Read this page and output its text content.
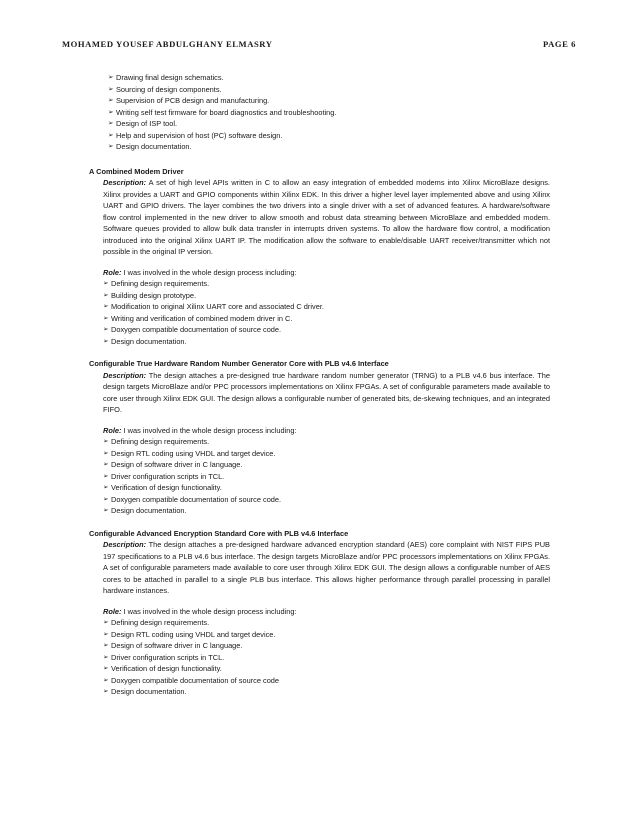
MOHAMED YOUSEF ABDULGHANY ELMASRY	PAGE 6
➢ Drawing final design schematics.
➢ Sourcing of design components.
➢ Supervision of PCB design and manufacturing.
➢ Writing self test firmware for board diagnostics and troubleshooting.
➢ Design of ISP tool.
➢ Help and supervision of host (PC) software design.
➢ Design documentation.
A Combined Modem Driver
Description: A set of high level APIs written in C to allow an easy integration of embedded modems into Xilinx MicroBlaze designs. Xilinx provides a UART and GPIO components within Xilinx EDK. In this driver a higher level layer implemented above and using Xilinx UART and GPIO drivers. The layer combines the two drivers into a single driver with a set of advanced features. A hardware/software flow control implemented in the new driver to allow smooth and robust data streaming between MicroBlaze and embedded modem. Software queues provided to allow bulk data transfer in interrupts driven systems. To allow the hardware flow control, a modification introduced into the original Xilinx UART IP. The modification allow the software to enable/disable UART receiver/transmitter which not possible in the original IP version.
Role: I was involved in the whole design process including:
➢ Defining design requirements.
➢ Building design prototype.
➢ Modification to original Xilinx UART core and associated C driver.
➢ Writing and verification of combined modem driver in C.
➢ Doxygen compatible documentation of source code.
➢ Design documentation.
Configurable True Hardware Random Number Generator Core with PLB v4.6 Interface
Description: The design attaches a pre-designed true hardware random number generator (TRNG) to a PLB v4.6 bus interface. The design targets MicroBlaze and/or PPC processors implementations on Xilinx FPGAs. A set of configurable parameters made available to core user through Xilinx EDK GUI. The design allows a configurable number of generated bits, de-skewing techniques, and an integrated FIFO.
Role: I was involved in the whole design process including:
➢ Defining design requirements.
➢ Design RTL coding using VHDL and target device.
➢ Design of software driver in C language.
➢ Driver configuration scripts in TCL.
➢ Verification of design functionality.
➢ Doxygen compatible documentation of source code.
➢ Design documentation.
Configurable Advanced Encryption Standard Core with PLB v4.6 Interface
Description: The design attaches a pre-designed hardware advanced encryption standard (AES) core complaint with NIST FIPS PUB 197 specifications to a PLB v4.6 bus interface. The design targets MicroBlaze and/or PPC processors implementations on Xilinx FPGAs. A set of configurable parameters made available to core user through Xilinx EDK GUI. The design allows a configurable number of AES cores to be attached in parallel to a single PLB bus interface. This allows higher performance through parallel processing in parallel hardware instances.
Role: I was involved in the whole design process including:
➢ Defining design requirements.
➢ Design RTL coding using VHDL and target device.
➢ Design of software driver in C language.
➢ Driver configuration scripts in TCL.
➢ Verification of design functionality.
➢ Doxygen compatible documentation of source code
➢ Design documentation.
